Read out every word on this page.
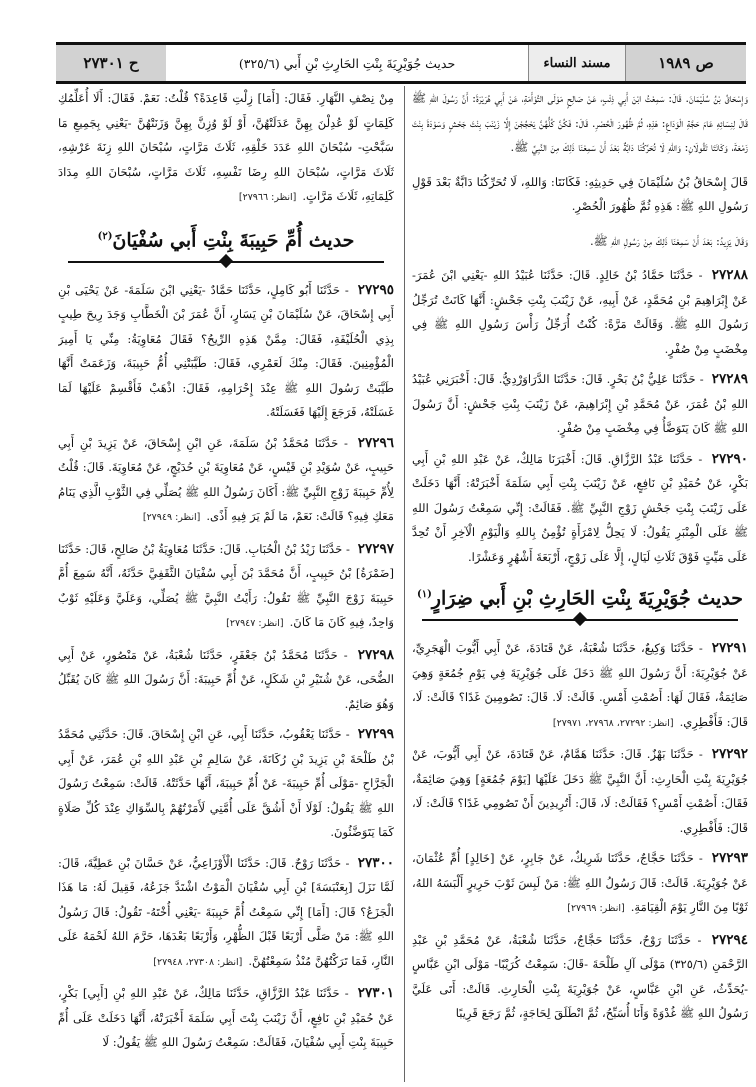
ص ١٩٨٩
مسند النساء
حديث جُوَيْرِيَةَ بِنْتِ الحَارِثِ بْنِ أَبي (٣٢٥/٦)
ح ٢٧٣٠١

وَإِسْحَاقُ بْنُ سُلَيْمَانَ. قَالَ: سَمِعْتُ ابْنَ أَبِي ذِئْبٍ، عَنْ صَالِحٍ مَوْلَى التَّوْأَمَةِ، عَنْ أَبِي هُرَيْرَةَ: أَنَّ رَسُولَ اللهِ ﷺ قَالَ لِنِسَائِهِ عَامَ حَجَّةِ الْوَدَاعِ: هَذِهِ، ثُمَّ ظُهُورَ الْحُصْرِ. قَالَ: فَكُنَّ كُلُّهُنَّ يَحْجُجْنَ إِلَّا زَيْنَبَ بِنْتَ جَحْشٍ وَسَوْدَةَ بِنْتَ زَمْعَةَ، وَكَانَتَا تَقُولَانِ: وَاللهِ لَا تُحَرِّكُنَا دَابَّةٌ بَعْدَ أَنْ سَمِعْنَا ذَلِكَ مِنَ النَّبِيِّ ﷺ.

قَالَ إِسْحَاقُ بْنُ سُلَيْمَانَ فِي حَدِيثِهِ: فَكَانَتَا: وَاللهِ، لَا تُحَرِّكُنَا دَابَّةٌ بَعْدَ قَوْلِ رَسُولِ اللهِ ﷺ: هَذِهِ ثُمَّ ظُهُورَ الْحُصْرِ.

وَقَالَ يَزِيدُ: بَعْدَ أَنْ سَمِعْنَا ذَلِكَ مِنْ رَسُولِ اللهِ ﷺ.

٢٧٢٨٨ - حَدَّثَنَا حَمَّادُ بْنُ خَالِدٍ. قَالَ: حَدَّثَنَا عُبَيْدُ اللهِ -يَعْنِي ابْنَ عُمَرَ- عَنْ إِبْرَاهِيمَ بْنِ مُحَمَّدٍ، عَنْ أَبِيهِ، عَنْ زَيْنَبَ بِنْتِ جَحْشٍ: أَنَّهَا كَانَتْ تُرَجِّلُ رَسُولَ اللهِ ﷺ. وَقَالَتْ مَرَّةً: كُنْتُ أُرَجِّلُ رَأْسَ رَسُولِ اللهِ ﷺ فِي مِخْضَبٍ مِنْ صُفْرٍ.

٢٧٢٨٩ - حَدَّثَنَا عَلِيُّ بْنُ بَحْرٍ. قَالَ: حَدَّثَنَا الدَّرَاوَرْدِيُّ. قَالَ: أَخْبَرَنِي عُبَيْدُ اللهِ بْنُ عُمَرَ، عَنْ مُحَمَّدِ بْنِ إِبْرَاهِيمَ، عَنْ زَيْنَبَ بِنْتِ جَحْشٍ: أَنَّ رَسُولَ اللهِ ﷺ كَانَ يَتَوَضَّأُ فِي مِخْضَبٍ مِنْ صُفْرٍ.

٢٧٢٩٠ - حَدَّثَنَا عَبْدُ الرَّزَّاقِ. قَالَ: أَخْبَرَنَا مَالِكٌ، عَنْ عَبْدِ اللهِ بْنِ أَبِي بَكْرٍ، عَنْ حُمَيْدِ بْنِ نَافِعٍ، عَنْ زَيْنَبَ بِنْتِ أَبِي سَلَمَةَ أَخْبَرَتْهُ: أَنَّهَا دَخَلَتْ عَلَى زَيْنَبَ بِنْتِ جَحْشٍ زَوْجِ النَّبِيِّ ﷺ. فَقَالَتْ: إِنِّي سَمِعْتُ رَسُولَ اللهِ ﷺ عَلَى الْمِنْبَرِ يَقُولُ: لَا يَحِلُّ لِامْرَأَةٍ تُؤْمِنُ بِاللهِ وَالْيَوْمِ الْآخِرِ أَنْ تُحِدَّ عَلَى مَيِّتٍ فَوْقَ ثَلَاثِ لَيَالٍ، إِلَّا عَلَى زَوْجٍ، أَرْبَعَةَ أَشْهُرٍ وَعَشْرًا.

حديث جُوَيْرِيَةَ بِنْتِ الحَارِثِ بْنِ أَبي ضِرَارٍ$^{(١)}$

٢٧٢٩١ - حَدَّثَنَا وَكِيعٌ، حَدَّثَنَا شُعْبَةُ، عَنْ قَتَادَةَ، عَنْ أَبِي أَيُّوبَ الْهَجَرِيِّ، عَنْ جُوَيْرِيَةَ: أَنَّ رَسُولَ اللهِ ﷺ دَخَلَ عَلَى جُوَيْرِيَةَ فِي يَوْمِ جُمُعَةٍ وَهِيَ صَائِمَةٌ، فَقَالَ لَهَا: أَصُمْتِ أَمْسِ. قَالَتْ: لَا. قَالَ: تَصُومِينَ غَدًا؟ قَالَتْ: لَا، قَالَ: فَأَفْطِرِي.[انظر: ٢٧٢٩٢، ٢٧٩٦٨، ٢٧٩٧١]

٢٧٢٩٢ - حَدَّثَنَا بَهْزٌ. قَالَ: حَدَّثَنَا هَمَّامٌ، عَنْ قَتَادَةَ، عَنْ أَبِي أَيُّوبَ، عَنْ جُوَيْرِيَةَ بِنْتِ الْحَارِثِ: أَنَّ النَّبِيَّ ﷺ دَخَلَ عَلَيْهَا [يَوْمَ جُمُعَةٍ] وَهِيَ صَائِمَةٌ، فَقَالَ: أَصُمْتِ أَمْسِ؟ فَقَالَتْ: لَا، قَالَ: أَتُرِيدِينَ أَنْ تَصُومِي غَدًا؟ قَالَتْ: لَا، قَالَ: فَأَفْطِرِي.

٢٧٢٩٣ - حَدَّثَنَا حَجَّاجٌ، حَدَّثَنَا شَرِيكٌ، عَنْ جَابِرٍ، عَنْ [خَالِدٍ] أُمِّ عُثْمَانَ، عَنْ جُوَيْرِيَةَ. قَالَتْ: قَالَ رَسُولُ اللهِ ﷺ: مَنْ لَبِسَ ثَوْبَ حَرِيرٍ أَلْبَسَهُ اللهُ، ثَوْبًا مِنَ النَّارِ يَوْمَ الْقِيَامَةِ.[انظر: ٢٧٩٦٩]

٢٧٢٩٤ - حَدَّثَنَا رَوْحٌ، حَدَّثَنَا حَجَّاجٌ، حَدَّثَنَا شُعْبَةُ، عَنْ مُحَمَّدِ بْنِ عَبْدِ الرَّحْمَنِ (٣٢٥/٦) مَوْلَى آلِ طَلْحَةَ -قَالَ: سَمِعْتُ كُرَيْبًا- مَوْلَى ابْنِ عَبَّاسٍ -يُحَدِّثُ، عَنِ ابْنِ عَبَّاسٍ، عَنْ جُوَيْرِيَةَ بِنْتِ الْحَارِثِ. قَالَتْ: أَتَى عَلَيَّ رَسُولُ اللهِ ﷺ غُدْوَةً وَأَنَا أُسَبِّحُ، ثُمَّ انْطَلَقَ لِحَاجَةٍ، ثُمَّ رَجَعَ قَرِيبًا

مِنْ نِصْفِ النَّهَارِ. فَقَالَ: [أَمَا] زِلْتِ قَاعِدَةً؟ قُلْتُ: نَعَمْ. فَقَالَ: أَلَا أُعَلِّمُكِ كَلِمَاتٍ لَوْ عُدِلْنَ بِهِنَّ عَدَلَتْهُنَّ، أَوْ لَوْ وُزِنَّ بِهِنَّ وَزَنَتْهُنَّ -يَعْنِي بِجَمِيعِ مَا سَبَّحْتِ- سُبْحَانَ اللهِ عَدَدَ خَلْقِهِ، ثَلَاثَ مَرَّاتٍ، سُبْحَانَ اللهِ زِنَةَ عَرْشِهِ، ثَلَاثَ مَرَّاتٍ، سُبْحَانَ اللهِ رِضَا نَفْسِهِ، ثَلَاثَ مَرَّاتٍ، سُبْحَانَ اللهِ مِدَادَ كَلِمَاتِهِ، ثَلَاثَ مَرَّاتٍ.[انظر: ٢٧٩٦٦]

حديث أُمِّ حَبِيبَةَ بِنْتِ أَبي سُفْيَانَ$^{(٢)}$

٢٧٢٩٥ - حَدَّثَنَا أَبُو كَامِلٍ، حَدَّثَنَا حَمَّادٌ -يَعْنِي ابْنَ سَلَمَةَ- عَنْ يَحْيَى بْنِ أَبِي إِسْحَاقَ، عَنْ سُلَيْمَانَ بْنِ يَسَارٍ، أَنَّ عُمَرَ بْنَ الْخَطَّابِ وَجَدَ رِيحَ طِيبٍ بِذِي الْحُلَيْفَةِ، فَقَالَ: مِمَّنْ هَذِهِ الرِّيحُ؟ فَقَالَ مُعَاوِيَةُ: مِنِّي يَا أَمِيرَ الْمُؤْمِنِينَ. فَقَالَ: مِنْكَ لَعَمْرِي، فَقَالَ: طَيَّبَتْنِي أُمُّ حَبِيبَةَ، وَزَعَمَتْ أَنَّهَا طَيَّبَتْ رَسُولَ اللهِ ﷺ عِنْدَ إِحْرَامِهِ، فَقَالَ: اذْهَبْ فَأَقْسِمْ عَلَيْهَا لَمَا غَسَلَتْهُ، فَرَجَعَ إِلَيْهَا فَغَسَلَتْهُ.

٢٧٢٩٦ - حَدَّثَنَا مُحَمَّدُ بْنُ سَلَمَةَ، عَنِ ابْنِ إِسْحَاقَ، عَنْ يَزِيدَ بْنِ أَبِي حَبِيبٍ، عَنْ سُوَيْدِ بْنِ قَيْسٍ، عَنْ مُعَاوِيَةَ بْنِ حُدَيْجٍ، عَنْ مُعَاوِيَةَ. قَالَ: قُلْتُ لِأُمِّ حَبِيبَةَ زَوْجِ النَّبِيِّ ﷺ: أَكَانَ رَسُولُ اللهِ ﷺ يُصَلِّي فِي الثَّوْبِ الَّذِي يَنَامُ مَعَكِ فِيهِ؟ قَالَتْ: نَعَمْ، مَا لَمْ يَرَ فِيهِ أَذًى.[انظر: ٢٧٩٤٩]

٢٧٢٩٧ - حَدَّثَنَا زَيْدُ بْنُ الْحُبَابِ. قَالَ: حَدَّثَنَا مُعَاوِيَةُ بْنُ صَالِحٍ، قَالَ: حَدَّثَنَا [ضَمْرَةُ] بْنُ حَبِيبٍ، أَنَّ مُحَمَّدَ بْنَ أَبِي سُفْيَانَ الثَّقَفِيَّ حَدَّثَهُ، أَنَّهُ سَمِعَ أُمَّ حَبِيبَةَ زَوْجَ النَّبِيِّ ﷺ تَقُولُ: رَأَيْتُ النَّبِيَّ ﷺ يُصَلِّي، وَعَلَيَّ وَعَلَيْهِ ثَوْبٌ وَاحِدٌ، فِيهِ كَانَ مَا كَانَ.[انظر: ٢٧٩٤٧]

٢٧٢٩٨ - حَدَّثَنَا مُحَمَّدُ بْنُ جَعْفَرٍ، حَدَّثَنَا شُعْبَةُ، عَنْ مَنْصُورٍ، عَنْ أَبِي الضُّحَى، عَنْ شُتَيْرِ بْنِ شَكَلٍ، عَنْ أُمِّ حَبِيبَةَ: أَنَّ رَسُولَ اللهِ ﷺ كَانَ يُقَبِّلُ وَهُوَ صَائِمٌ.

٢٧٢٩٩ - حَدَّثَنَا يَعْقُوبُ، حَدَّثَنَا أَبِي، عَنِ ابْنِ إِسْحَاقَ. قَالَ: حَدَّثَنِي مُحَمَّدُ بْنُ طَلْحَةَ بْنِ يَزِيدَ بْنِ رُكَانَةَ، عَنْ سَالِمِ بْنِ عَبْدِ اللهِ بْنِ عُمَرَ، عَنْ أَبِي الْجَرَّاحِ -مَوْلَى أُمِّ حَبِيبَةَ- عَنْ أُمِّ حَبِيبَةَ، أَنَّهَا حَدَّثَتْهُ. قَالَتْ: سَمِعْتُ رَسُولَ اللهِ ﷺ يَقُولُ: لَوْلَا أَنْ أَشُقَّ عَلَى أُمَّتِي لَأَمَرْتُهُمْ بِالسِّوَاكِ عِنْدَ كُلِّ صَلَاةٍ كَمَا يَتَوَضَّئُونَ.

٢٧٣٠٠ - حَدَّثَنَا رَوْحٌ. قَالَ: حَدَّثَنَا الْأَوْزَاعِيُّ، عَنْ حَسَّانَ بْنِ عَطِيَّةَ، قَالَ: لَمَّا نَزَلَ [بِعَنْبَسَةَ] بْنِ أَبِي سُفْيَانَ الْمَوْتُ اشْتَدَّ جَزَعُهُ، فَقِيلَ لَهُ: مَا هَذَا الْجَزَعُ؟ قَالَ: [أَمَا] إِنِّي سَمِعْتُ أُمَّ حَبِيبَةَ -يَعْنِي أُخْتَهُ- تَقُولُ: قَالَ رَسُولُ اللهِ ﷺ: مَنْ صَلَّى أَرْبَعًا قَبْلَ الظُّهْرِ، وَأَرْبَعًا بَعْدَهَا، حَرَّمَ اللهُ لَحْمَهُ عَلَى النَّارِ، فَمَا تَرَكْتُهُنَّ مُنْذُ سَمِعْتُهُنَّ.[انظر: ٢٧٣٠٨، ٢٧٩٤٨]

٢٧٣٠١ - حَدَّثَنَا عَبْدُ الرَّزَّاقِ، حَدَّثَنَا مَالِكٌ، عَنْ عَبْدِ اللهِ بْنِ [أَبِي] بَكْرٍ، عَنْ حُمَيْدِ بْنِ نَافِعٍ، أَنَّ زَيْنَبَ بِنْتَ أَبِي سَلَمَةَ أَخْبَرَتْهُ، أَنَّهَا دَخَلَتْ عَلَى أُمِّ حَبِيبَةَ بِنْتِ أَبِي سُفْيَانَ، فَقَالَتْ: سَمِعْتُ رَسُولَ اللهِ ﷺ يَقُولُ: لَا
